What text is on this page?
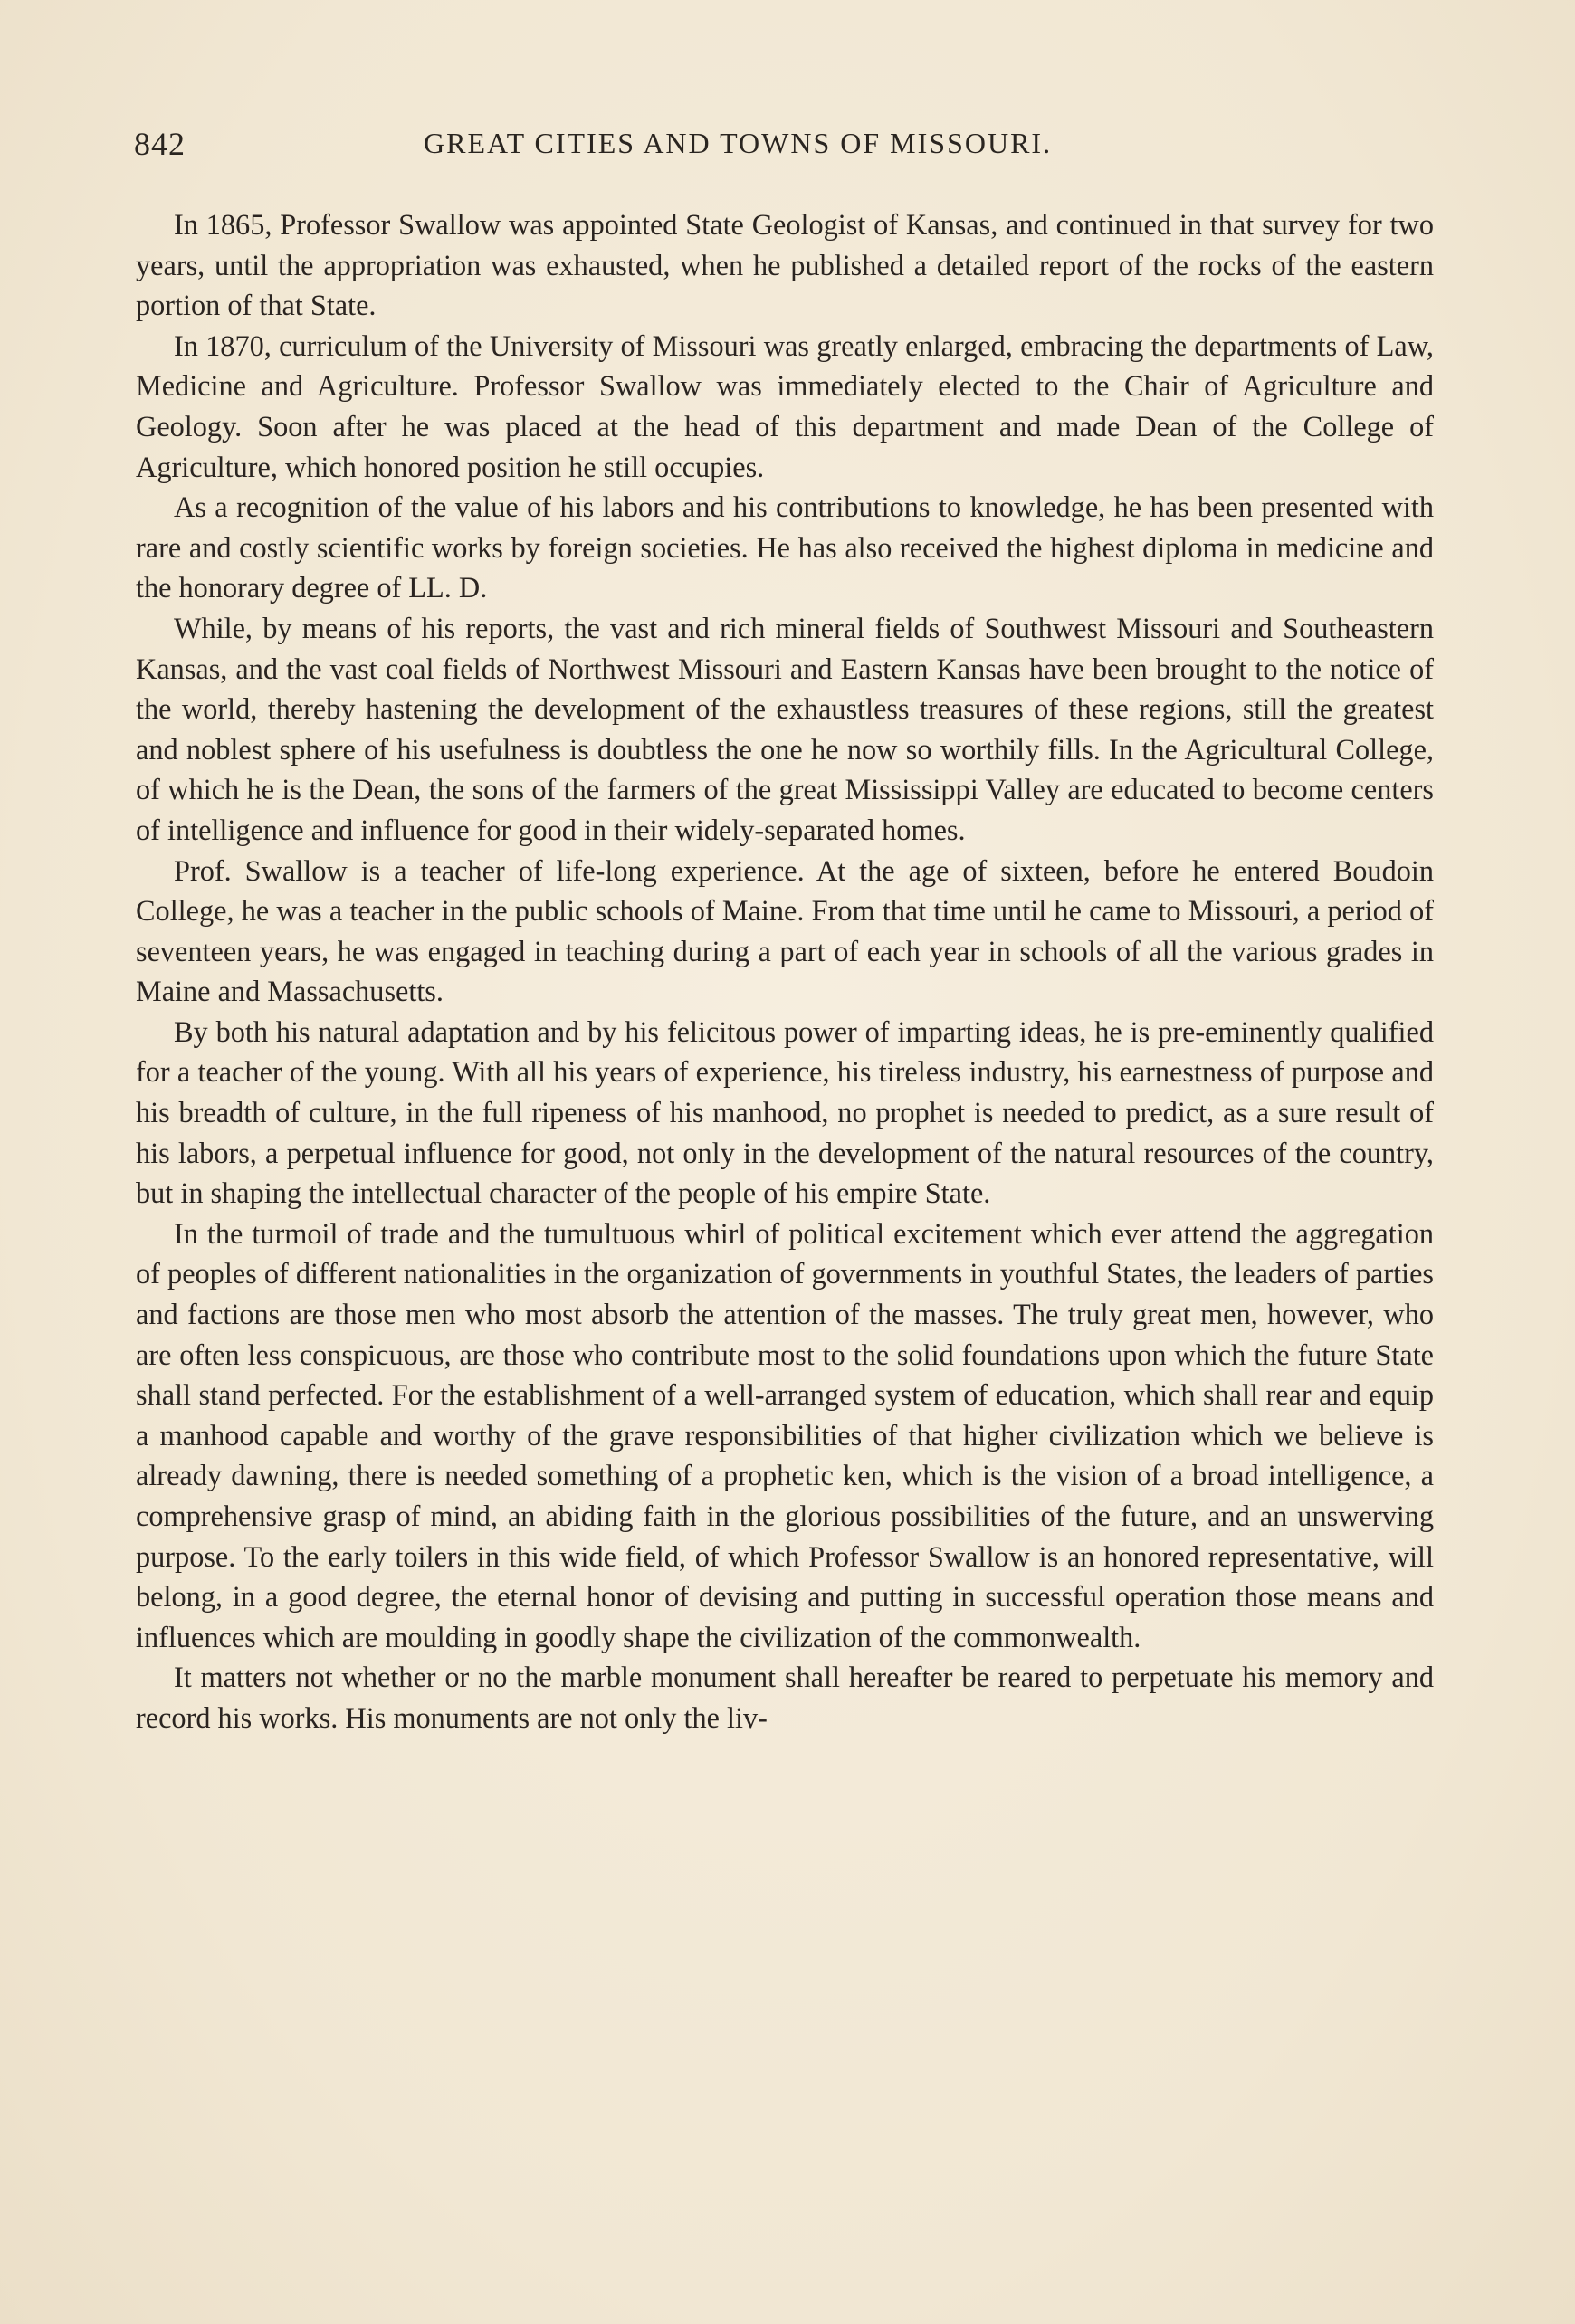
842	GREAT CITIES AND TOWNS OF MISSOURI.

In 1865, Professor Swallow was appointed State Geologist of Kansas, and continued in that survey for two years, until the appropriation was exhausted, when he published a detailed report of the rocks of the eastern portion of that State.

In 1870, curriculum of the University of Missouri was greatly enlarged, embracing the departments of Law, Medicine and Agriculture. Professor Swallow was immediately elected to the Chair of Agriculture and Geology. Soon after he was placed at the head of this department and made Dean of the College of Agriculture, which honored position he still occupies.

As a recognition of the value of his labors and his contributions to knowledge, he has been presented with rare and costly scientific works by foreign societies. He has also received the highest diploma in medicine and the honorary degree of LL. D.

While, by means of his reports, the vast and rich mineral fields of Southwest Missouri and Southeastern Kansas, and the vast coal fields of Northwest Missouri and Eastern Kansas have been brought to the notice of the world, thereby hastening the development of the exhaustless treasures of these regions, still the greatest and noblest sphere of his usefulness is doubtless the one he now so worthily fills. In the Agricultural College, of which he is the Dean, the sons of the farmers of the great Mississippi Valley are educated to become centers of intelligence and influence for good in their widely-separated homes.

Prof. Swallow is a teacher of life-long experience. At the age of sixteen, before he entered Boudoin College, he was a teacher in the public schools of Maine. From that time until he came to Missouri, a period of seventeen years, he was engaged in teaching during a part of each year in schools of all the various grades in Maine and Massachusetts.

By both his natural adaptation and by his felicitous power of imparting ideas, he is pre-eminently qualified for a teacher of the young. With all his years of experience, his tireless industry, his earnestness of purpose and his breadth of culture, in the full ripeness of his manhood, no prophet is needed to predict, as a sure result of his labors, a perpetual influence for good, not only in the development of the natural resources of the country, but in shaping the intellectual character of the people of his empire State.

In the turmoil of trade and the tumultuous whirl of political excitement which ever attend the aggregation of peoples of different nationalities in the organization of governments in youthful States, the leaders of parties and factions are those men who most absorb the attention of the masses. The truly great men, however, who are often less conspicuous, are those who contribute most to the solid foundations upon which the future State shall stand perfected. For the establishment of a well-arranged system of education, which shall rear and equip a manhood capable and worthy of the grave responsibilities of that higher civilization which we believe is already dawning, there is needed something of a prophetic ken, which is the vision of a broad intelligence, a comprehensive grasp of mind, an abiding faith in the glorious possibilities of the future, and an unswerving purpose. To the early toilers in this wide field, of which Professor Swallow is an honored representative, will belong, in a good degree, the eternal honor of devising and putting in successful operation those means and influences which are moulding in goodly shape the civilization of the commonwealth.

It matters not whether or no the marble monument shall hereafter be reared to perpetuate his memory and record his works. His monuments are not only the liv-
